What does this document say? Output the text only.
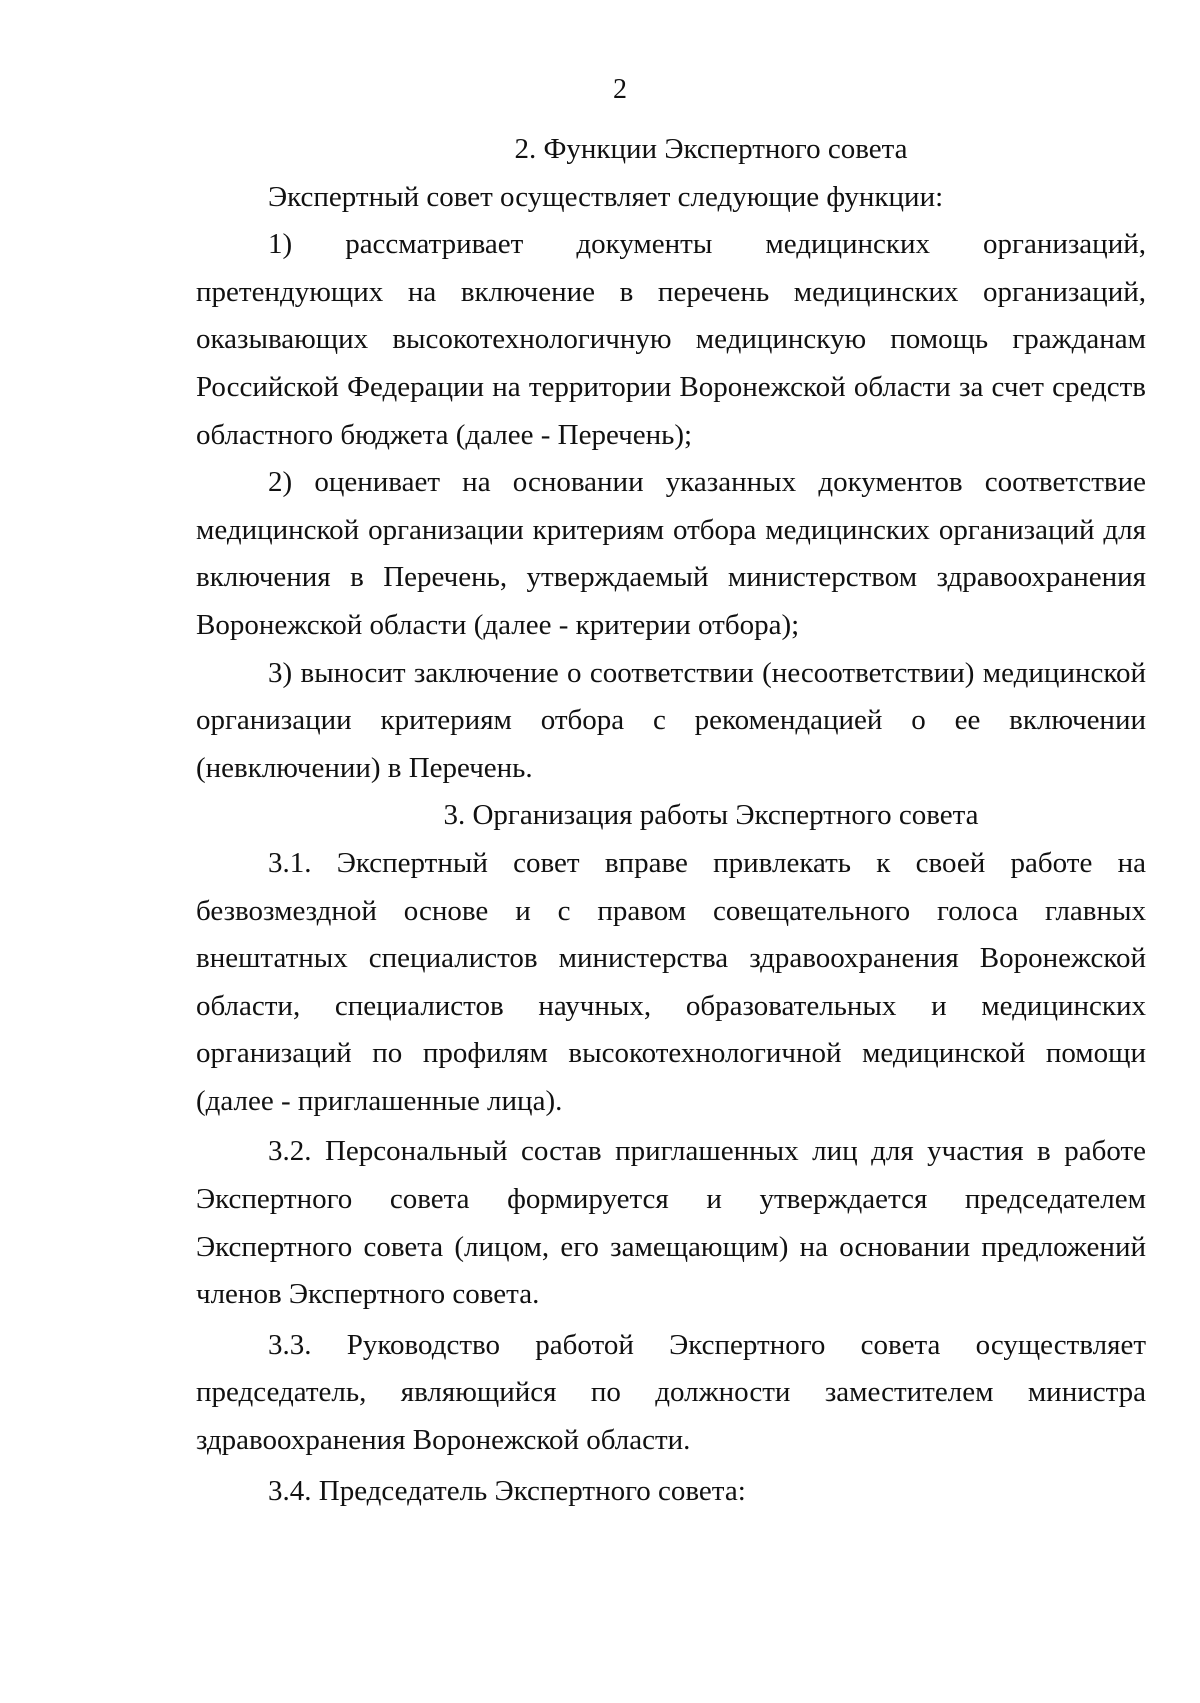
2
2. Функции Экспертного совета

Экспертный совет осуществляет следующие функции:

1) рассматривает документы медицинских организаций, претендующих на включение в перечень медицинских организаций, оказывающих высокотехнологичную медицинскую помощь гражданам Российской Федерации на территории Воронежской области за счет средств областного бюджета (далее - Перечень);

2) оценивает на основании указанных документов соответствие медицинской организации критериям отбора медицинских организаций для включения в Перечень, утверждаемый министерством здравоохранения Воронежской области (далее - критерии отбора);

3) выносит заключение о соответствии (несоответствии) медицинской организации критериям отбора с рекомендацией о ее включении (невключении) в Перечень.

3. Организация работы Экспертного совета

3.1. Экспертный совет вправе привлекать к своей работе на безвозмездной основе и с правом совещательного голоса главных внештатных специалистов министерства здравоохранения Воронежской области, специалистов научных, образовательных и медицинских организаций по профилям высокотехнологичной медицинской помощи (далее - приглашенные лица).

3.2. Персональный состав приглашенных лиц для участия в работе Экспертного совета формируется и утверждается председателем Экспертного совета (лицом, его замещающим) на основании предложений членов Экспертного совета.

3.3. Руководство работой Экспертного совета осуществляет председатель, являющийся по должности заместителем министра здравоохранения Воронежской области.

3.4. Председатель Экспертного совета:
